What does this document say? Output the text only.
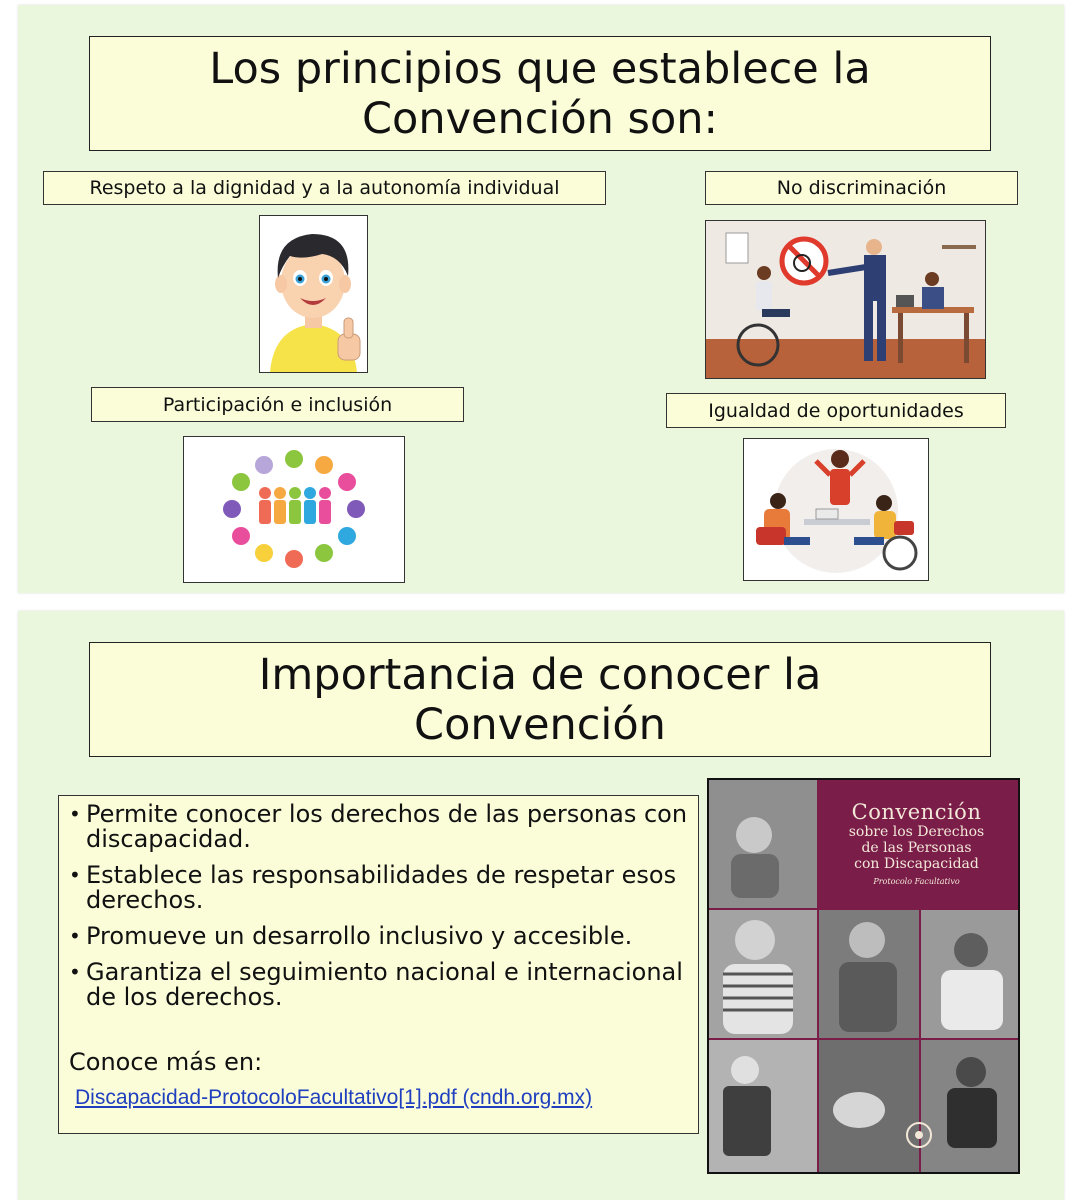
Los principios que establece la
Convención son:
Respeto a la dignidad y a la autonomía individual	No discriminación
Participación e inclusión	Igualdad de oportunidades
Importancia de conocer la
Convención
• Permite conocer los derechos de las personas con discapacidad.
• Establece las responsabilidades de respetar esos derechos.
• Promueve un desarrollo inclusivo y accesible.
• Garantiza el seguimiento nacional e internacional de los derechos.
Conoce más en:
Discapacidad-ProtocoloFacultativo[1].pdf (cndh.org.mx)
Convención
sobre los Derechos
de las Personas
con Discapacidad
Protocolo Facultativo
